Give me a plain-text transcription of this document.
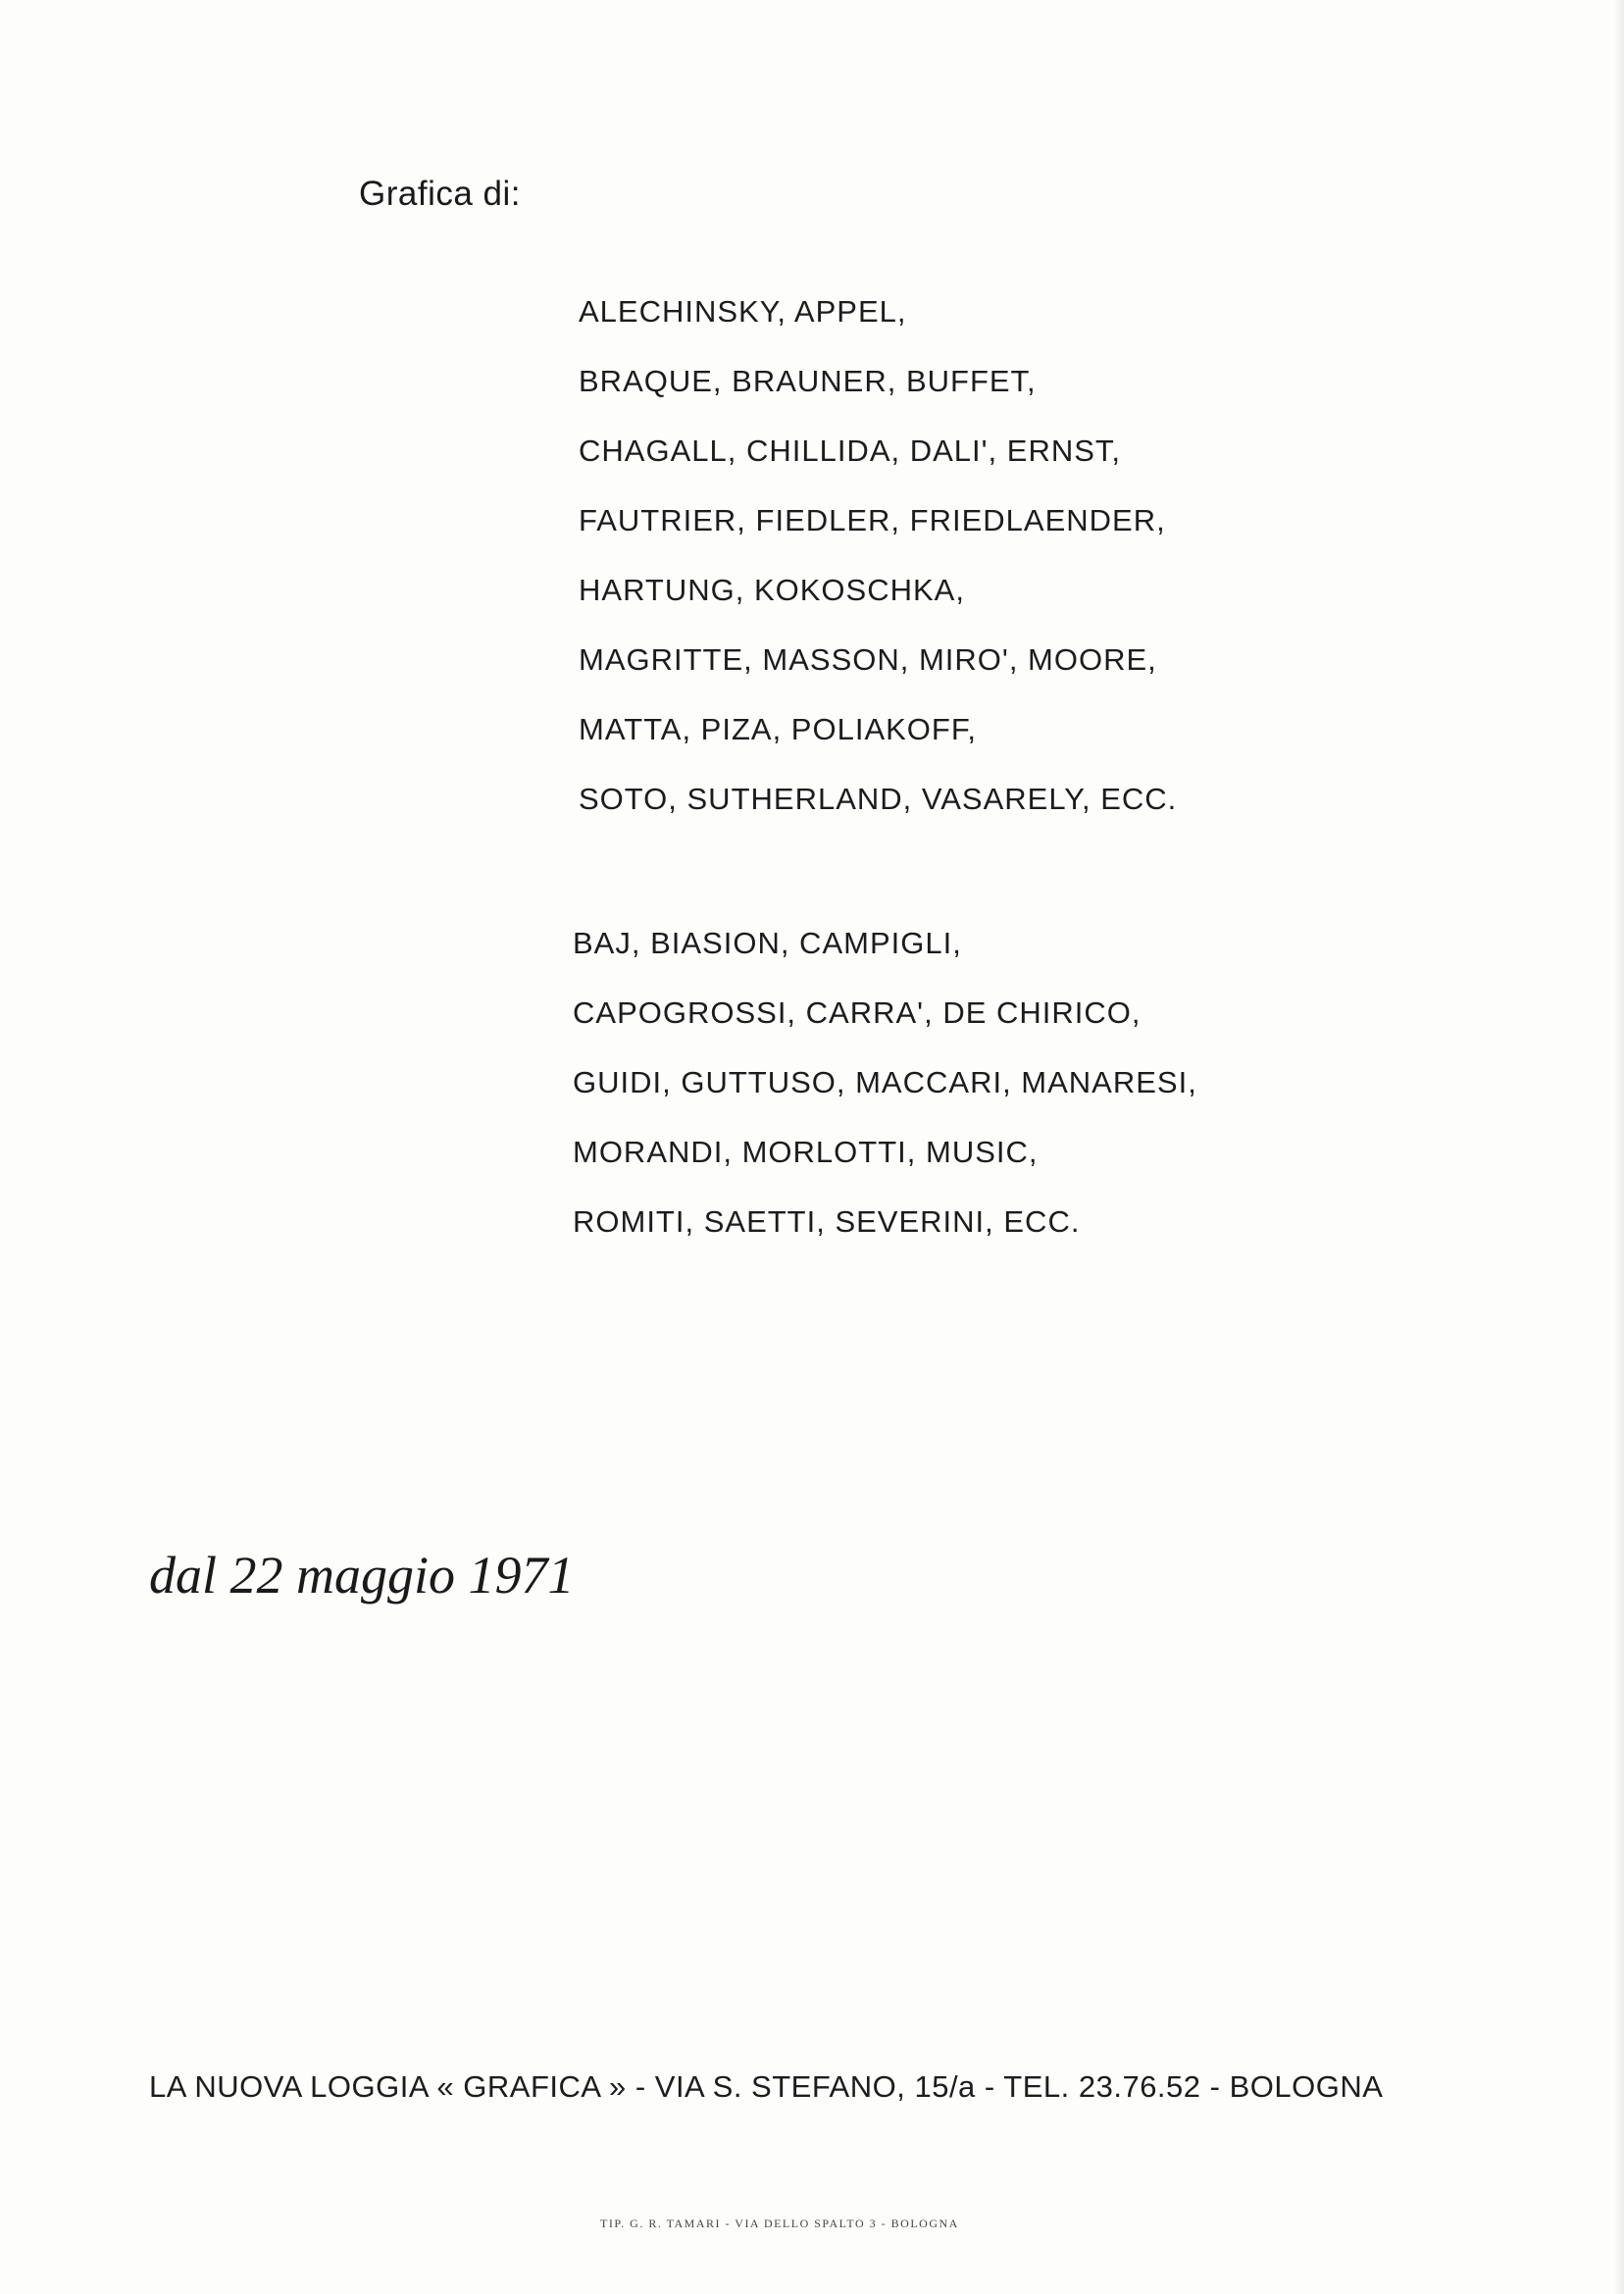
Grafica di:
ALECHINSKY, APPEL,
BRAQUE, BRAUNER, BUFFET,
CHAGALL, CHILLIDA, DALI', ERNST,
FAUTRIER, FIEDLER, FRIEDLAENDER,
HARTUNG, KOKOSCHKA,
MAGRITTE, MASSON, MIRO', MOORE,
MATTA, PIZA, POLIAKOFF,
SOTO, SUTHERLAND, VASARELY, ECC.
BAJ, BIASION, CAMPIGLI,
CAPOGROSSI, CARRA', DE CHIRICO,
GUIDI, GUTTUSO, MACCARI, MANARESI,
MORANDI, MORLOTTI, MUSIC,
ROMITI, SAETTI, SEVERINI, ECC.
dal 22 maggio 1971
LA NUOVA LOGGIA « GRAFICA » - VIA S. STEFANO, 15/a - TEL. 23.76.52 - BOLOGNA
TIP. G. R. TAMARI - VIA DELLO SPALTO 3 - BOLOGNA
